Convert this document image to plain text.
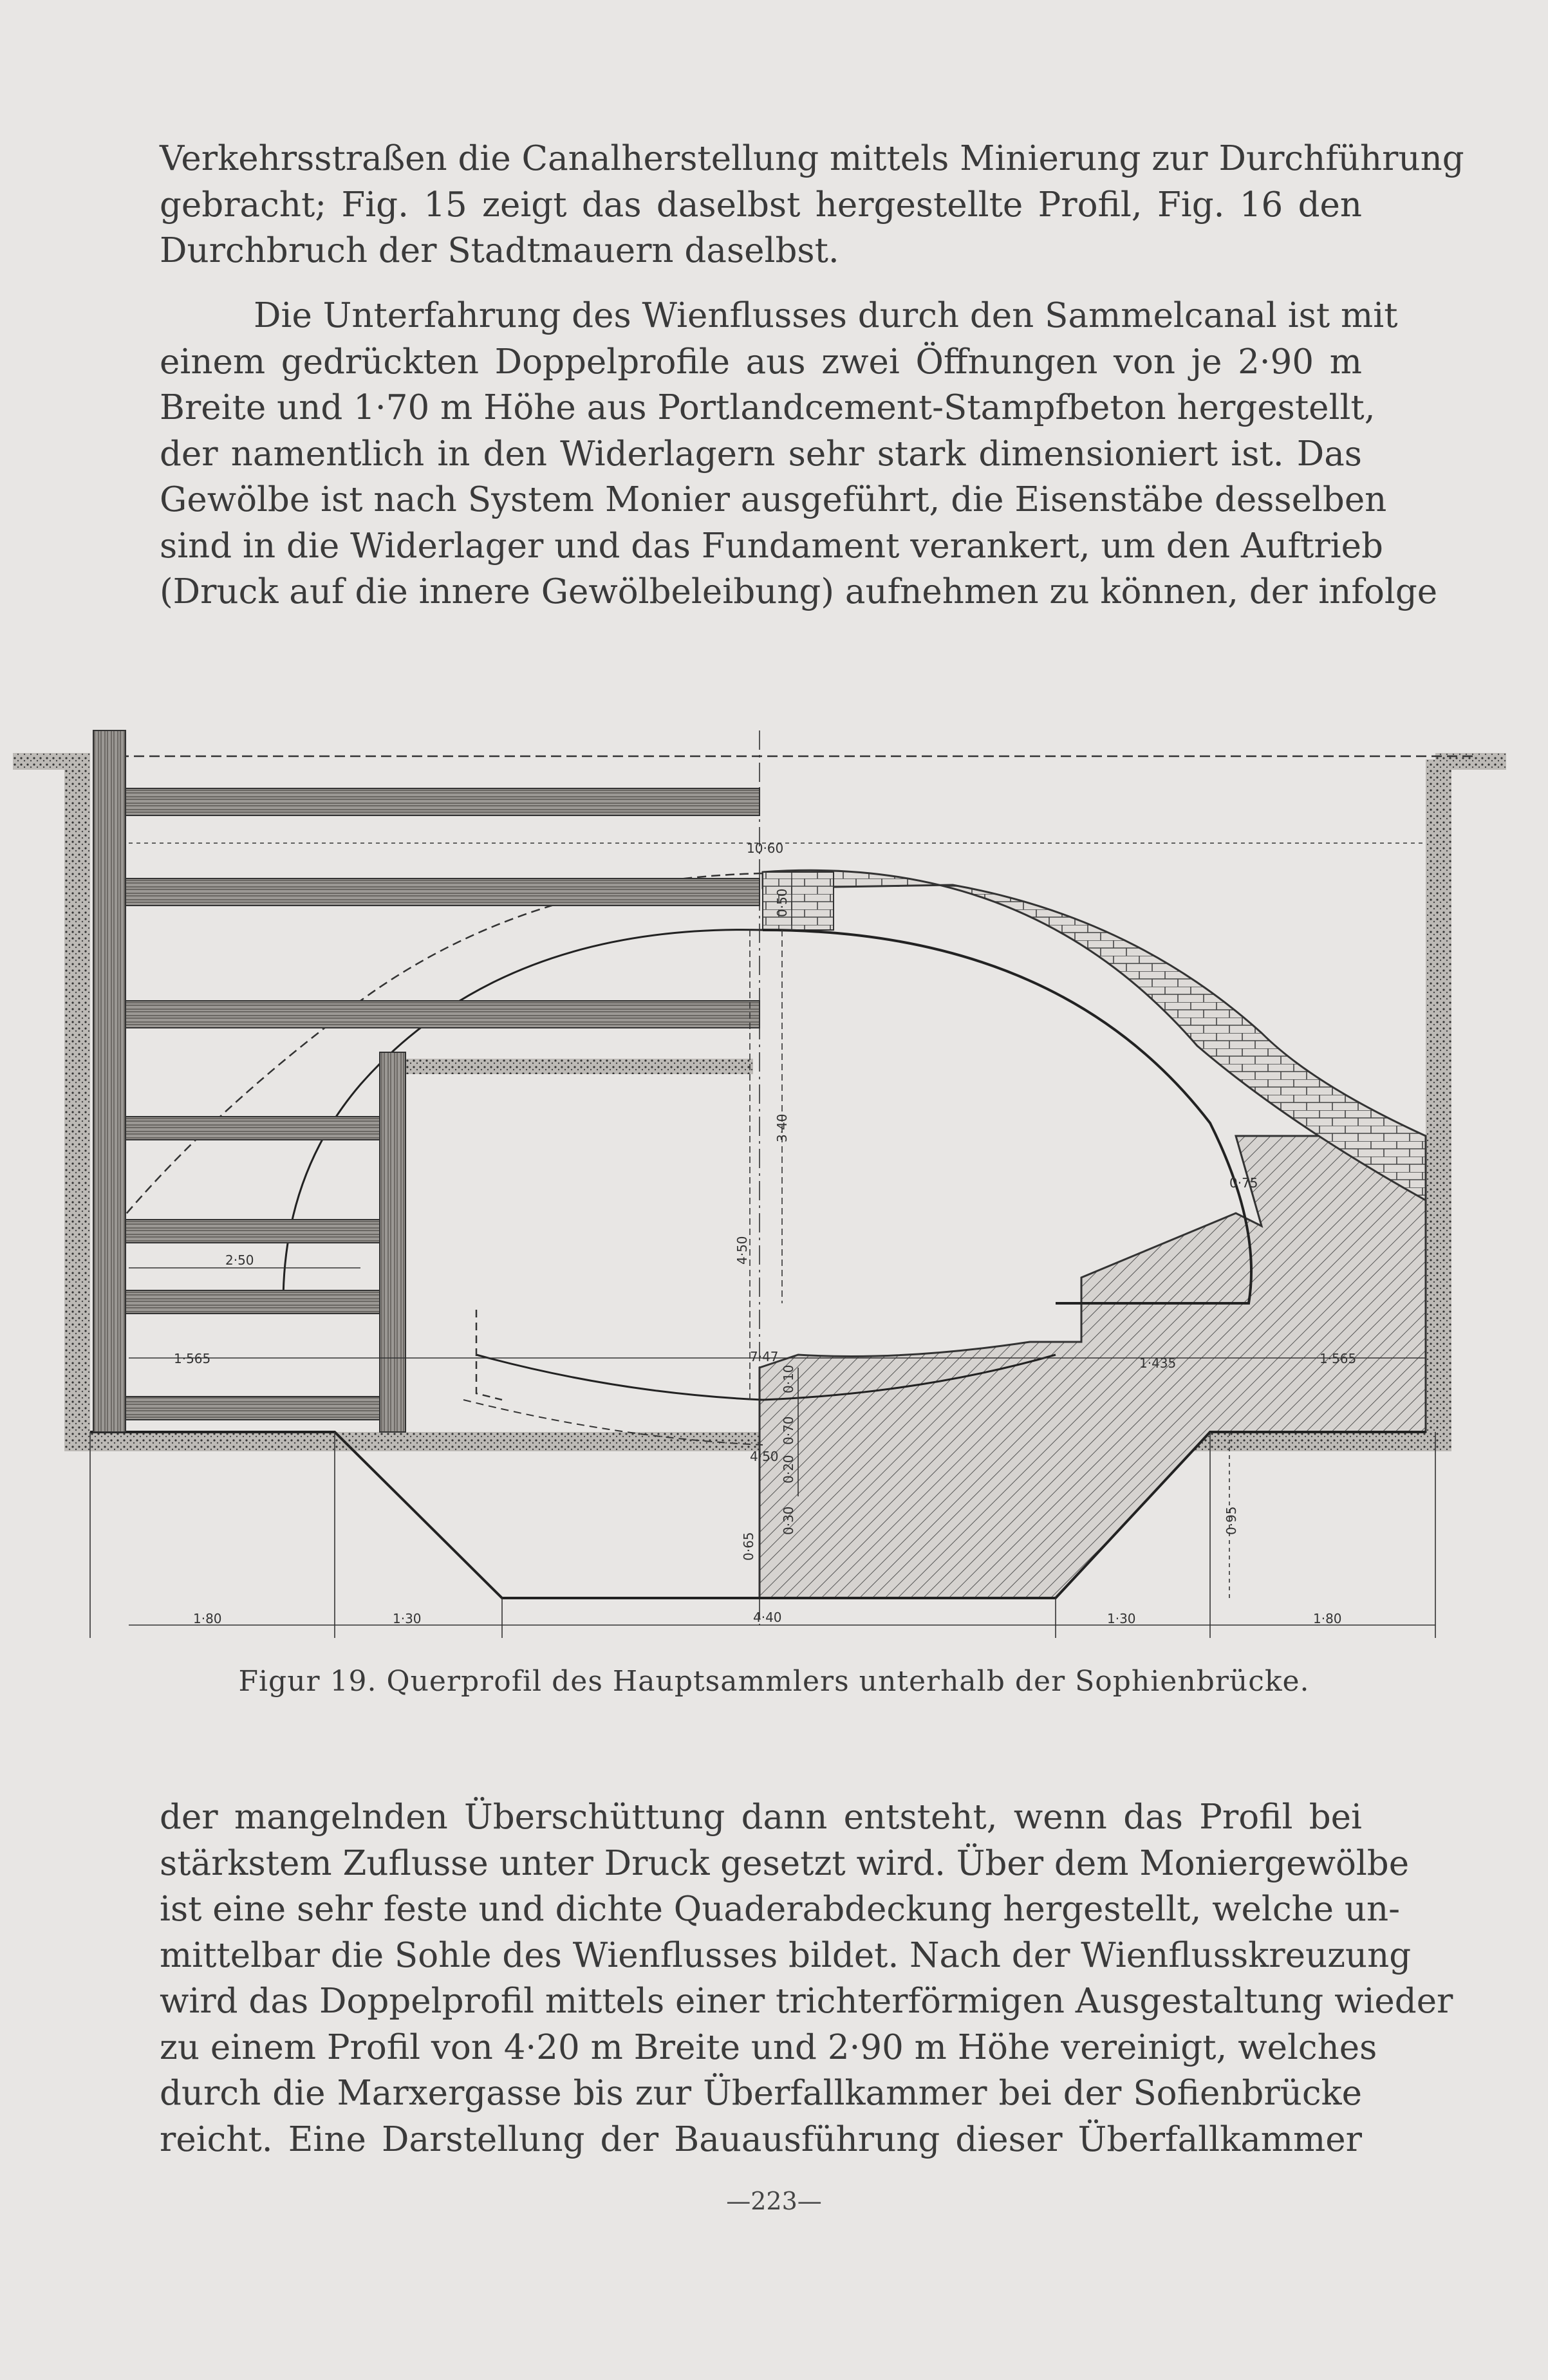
Verkehrsstraßen die Canalherstellung mittels Minierung zur Durchführung
gebracht; Fig. 15 zeigt das daselbst hergestellte Profil, Fig. 16 den
Durchbruch der Stadtmauern daselbst.
Die Unterfahrung des Wienflusses durch den Sammelcanal ist mit
einem gedrückten Doppelprofile aus zwei Öffnungen von je 2·90 m
Breite und 1·70 m Höhe aus Portlandcement-Stampfbeton hergestellt,
der namentlich in den Widerlagern sehr stark dimensioniert ist. Das
Gewölbe ist nach System Monier ausgeführt, die Eisenstäbe desselben
sind in die Widerlager und das Fundament verankert, um den Auftrieb
(Druck auf die innere Gewölbeleibung) aufnehmen zu können, der infolge
10·60
0·50
3·40
4·50
7·47
0·10
0·70
4·50 0·20
0·30
0·65
4·40
0·95
2·50
1·565	1·565
1·435
0·75
1·80	1·30	1·30	1·80
Figur 19. Querprofil des Hauptsammlers unterhalb der Sophienbrücke.
der mangelnden Überschüttung dann entsteht, wenn das Profil bei
stärkstem Zuflusse unter Druck gesetzt wird. Über dem Moniergewölbe
ist eine sehr feste und dichte Quaderabdeckung hergestellt, welche un-
mittelbar die Sohle des Wienflusses bildet. Nach der Wienflusskreuzung
wird das Doppelprofil mittels einer trichterförmigen Ausgestaltung wieder
zu einem Profil von 4·20 m Breite und 2·90 m Höhe vereinigt, welches
durch die Marxergasse bis zur Überfallkammer bei der Sofienbrücke
reicht. Eine Darstellung der Bauausführung dieser Überfallkammer
—223—
